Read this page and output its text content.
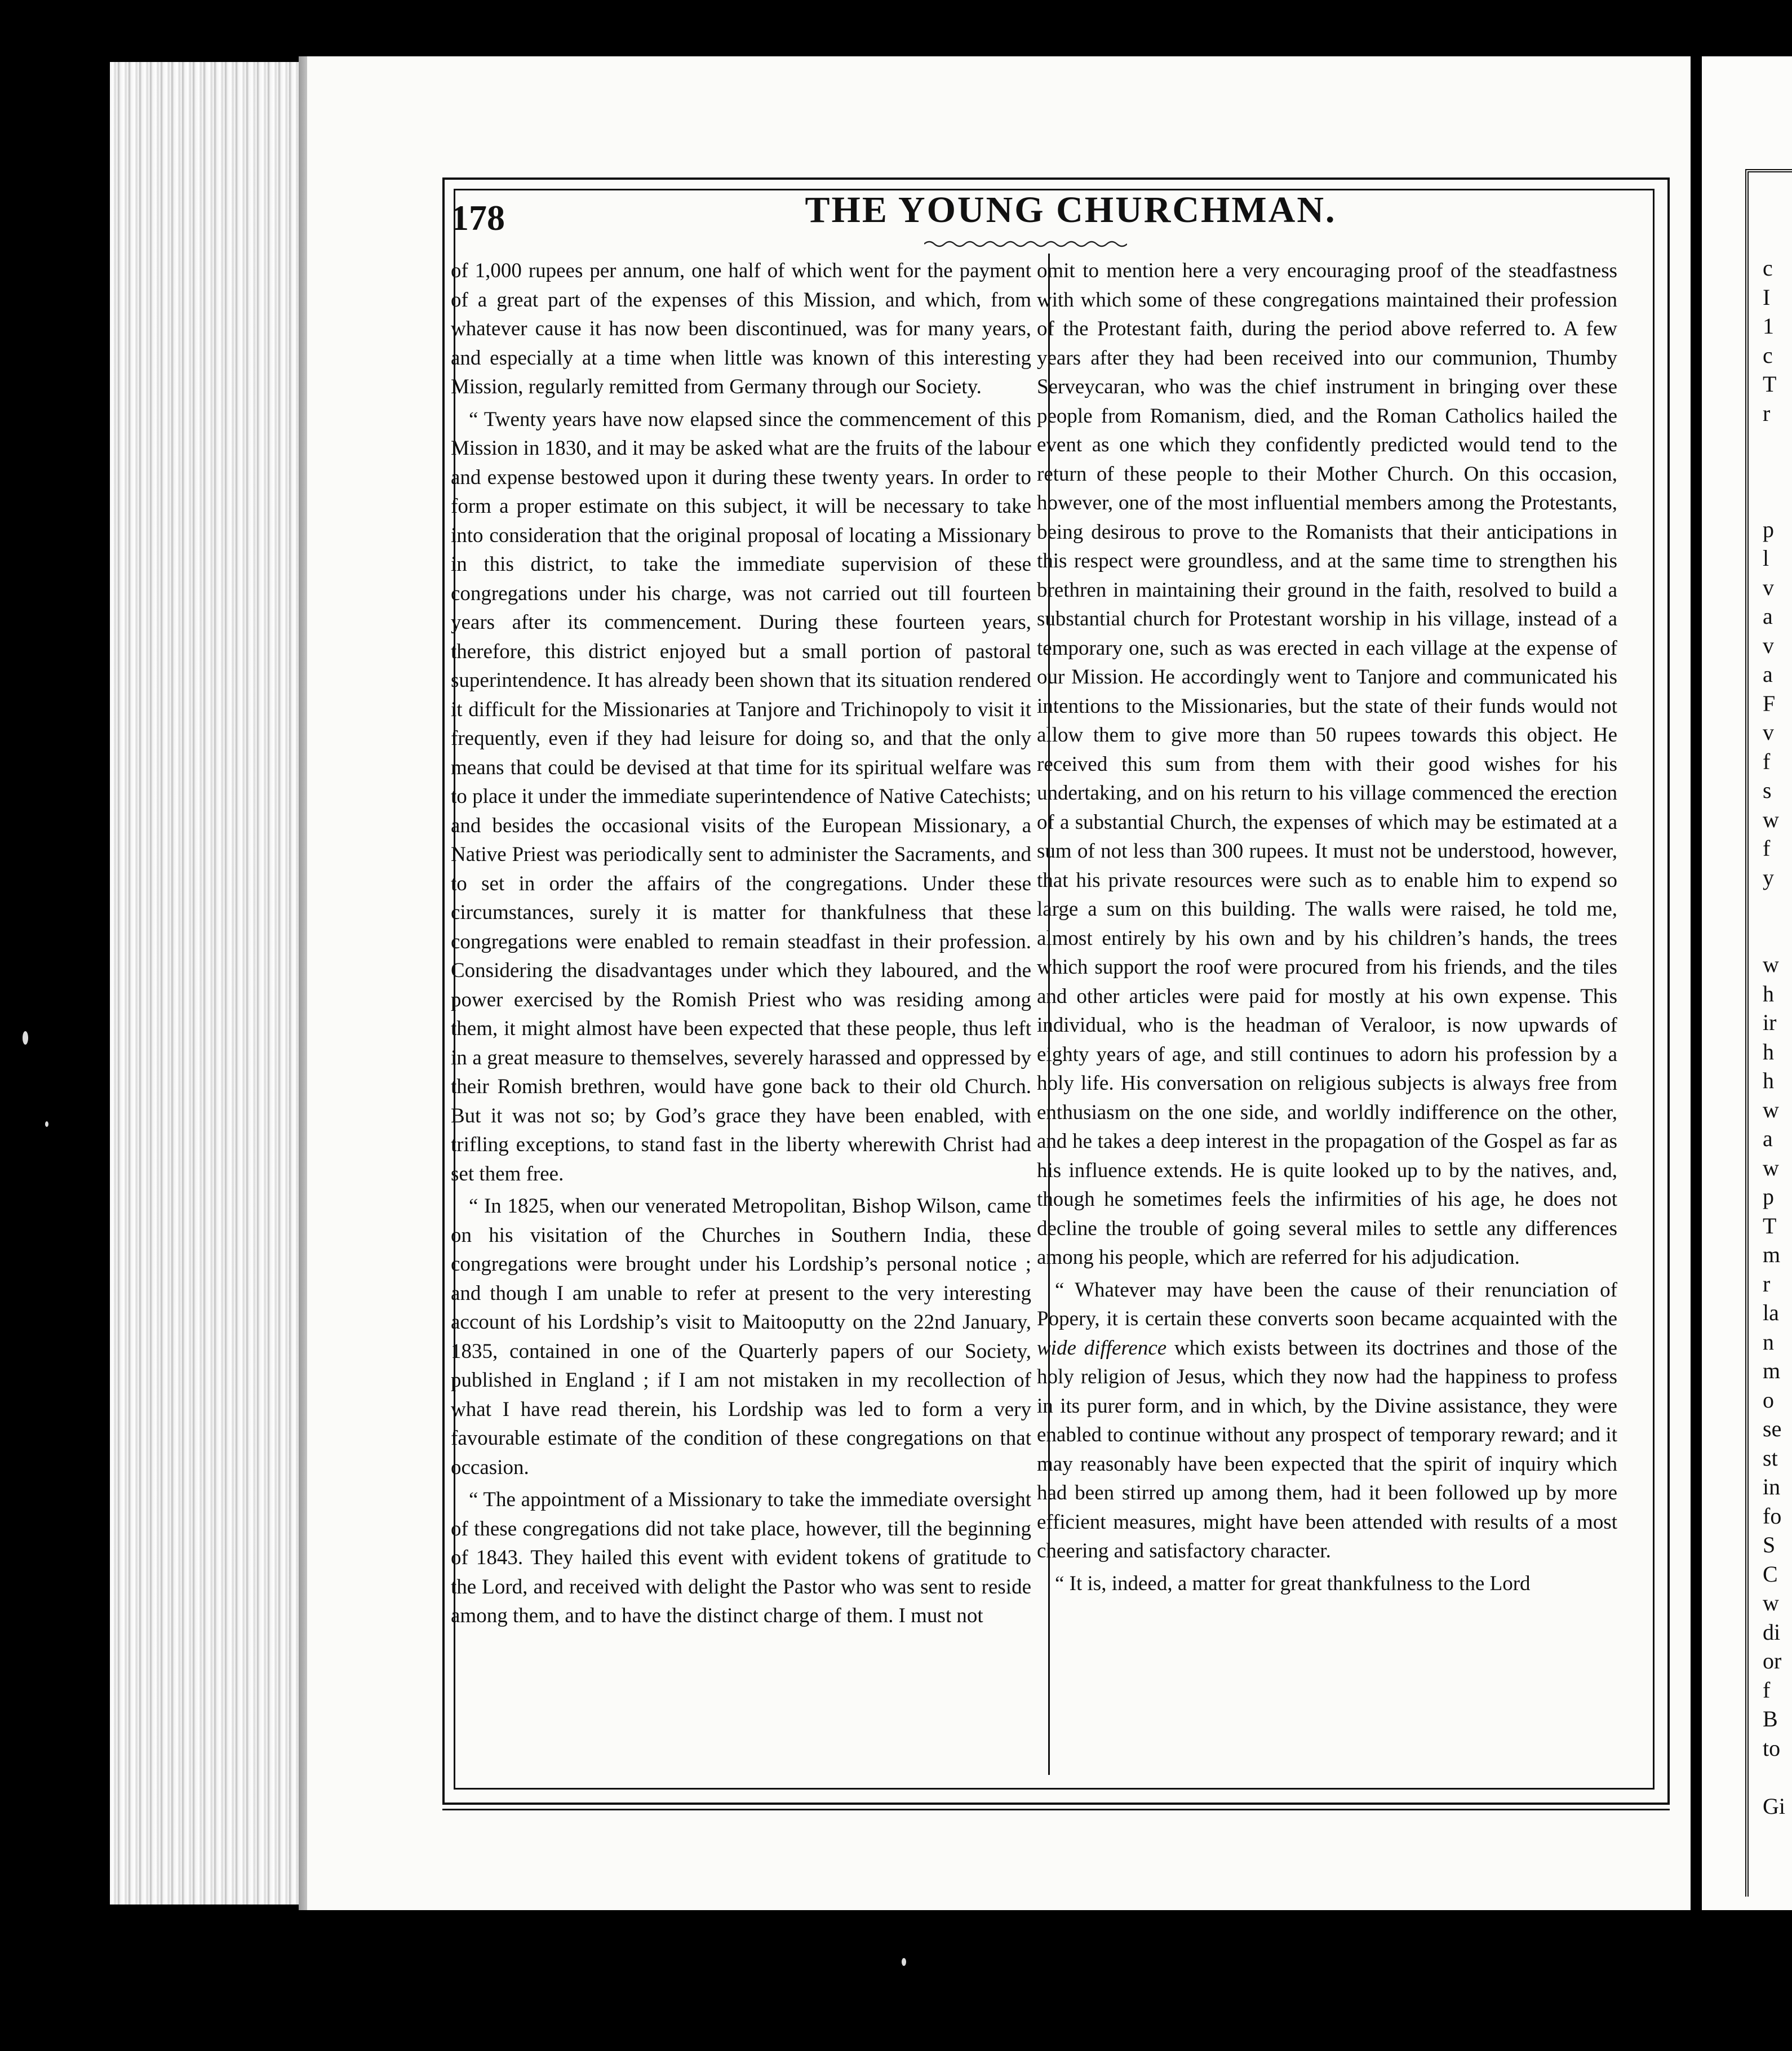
c
I
1
c
T
r

p
l
v
a
v
a
F
v
f
s
w
f
y

w
h
ir
h
h
w
a
w
p
T
m
r
la
n
m
o
se
st
in
fo
S
C
w
di
or
f
B
to

Gi
178	THE YOUNG CHURCHMAN.

of 1,000 rupees per annum, one half of which went for the payment of a great part of the expenses of this Mission, and which, from whatever cause it has now been discontinued, was for many years, and especially at a time when little was known of this interesting Mission, regularly remitted from Germany through our Society.

“ Twenty years have now elapsed since the commencement of this Mission in 1830, and it may be asked what are the fruits of the labour and expense bestowed upon it during these twenty years. In order to form a proper estimate on this subject, it will be necessary to take into consideration that the original proposal of locating a Missionary in this district, to take the immediate supervision of these congregations under his charge, was not carried out till fourteen years after its commencement. During these fourteen years, therefore, this district enjoyed but a small portion of pastoral superintendence. It has already been shown that its situation rendered it difficult for the Missionaries at Tanjore and Trichinopoly to visit it frequently, even if they had leisure for doing so, and that the only means that could be devised at that time for its spiritual welfare was to place it under the immediate superintendence of Native Catechists; and besides the occasional visits of the European Missionary, a Native Priest was periodically sent to administer the Sacraments, and to set in order the affairs of the congregations. Under these circumstances, surely it is matter for thankfulness that these congregations were enabled to remain steadfast in their profession. Considering the disadvantages under which they laboured, and the power exercised by the Romish Priest who was residing among them, it might almost have been expected that these people, thus left in a great measure to themselves, severely harassed and oppressed by their Romish brethren, would have gone back to their old Church. But it was not so; by God’s grace they have been enabled, with trifling exceptions, to stand fast in the liberty wherewith Christ had set them free.

“ In 1825, when our venerated Metropolitan, Bishop Wilson, came on his visitation of the Churches in Southern India, these congregations were brought under his Lordship’s personal notice ; and though I am unable to refer at present to the very interesting account of his Lordship’s visit to Maitooputty on the 22nd January, 1835, contained in one of the Quarterly papers of our Society, published in England ; if I am not mistaken in my recollection of what I have read therein, his Lordship was led to form a very favourable estimate of the condition of these congregations on that occasion.

“ The appointment of a Missionary to take the immediate oversight of these congregations did not take place, however, till the beginning of 1843. They hailed this event with evident tokens of gratitude to the Lord, and received with delight the Pastor who was sent to reside among them, and to have the distinct charge of them. I must not

omit to mention here a very encouraging proof of the steadfastness with which some of these congregations maintained their profession of the Protestant faith, during the period above referred to. A few years after they had been received into our communion, Thumby Serveycaran, who was the chief instrument in bringing over these people from Romanism, died, and the Roman Catholics hailed the event as one which they confidently predicted would tend to the return of these people to their Mother Church. On this occasion, however, one of the most influential members among the Protestants, being desirous to prove to the Romanists that their anticipations in this respect were groundless, and at the same time to strengthen his brethren in maintaining their ground in the faith, resolved to build a substantial church for Protestant worship in his village, instead of a temporary one, such as was erected in each village at the expense of our Mission. He accordingly went to Tanjore and communicated his intentions to the Missionaries, but the state of their funds would not allow them to give more than 50 rupees towards this object. He received this sum from them with their good wishes for his undertaking, and on his return to his village commenced the erection of a substantial Church, the expenses of which may be estimated at a sum of not less than 300 rupees. It must not be understood, however, that his private resources were such as to enable him to expend so large a sum on this building. The walls were raised, he told me, almost entirely by his own and by his children’s hands, the trees which support the roof were procured from his friends, and the tiles and other articles were paid for mostly at his own expense. This individual, who is the headman of Veraloor, is now upwards of eighty years of age, and still continues to adorn his profession by a holy life. His conversation on religious subjects is always free from enthusiasm on the one side, and worldly indifference on the other, and he takes a deep interest in the propagation of the Gospel as far as his influence extends. He is quite looked up to by the natives, and, though he sometimes feels the infirmities of his age, he does not decline the trouble of going several miles to settle any differences among his people, which are referred for his adjudication.

“ Whatever may have been the cause of their renunciation of Popery, it is certain these converts soon became acquainted with the wide difference which exists between its doctrines and those of the holy religion of Jesus, which they now had the happiness to profess in its purer form, and in which, by the Divine assistance, they were enabled to continue without any prospect of temporary reward; and it may reasonably have been expected that the spirit of inquiry which had been stirred up among them, had it been followed up by more efficient measures, might have been attended with results of a most cheering and satisfactory character.

“ It is, indeed, a matter for great thankfulness to the Lord
